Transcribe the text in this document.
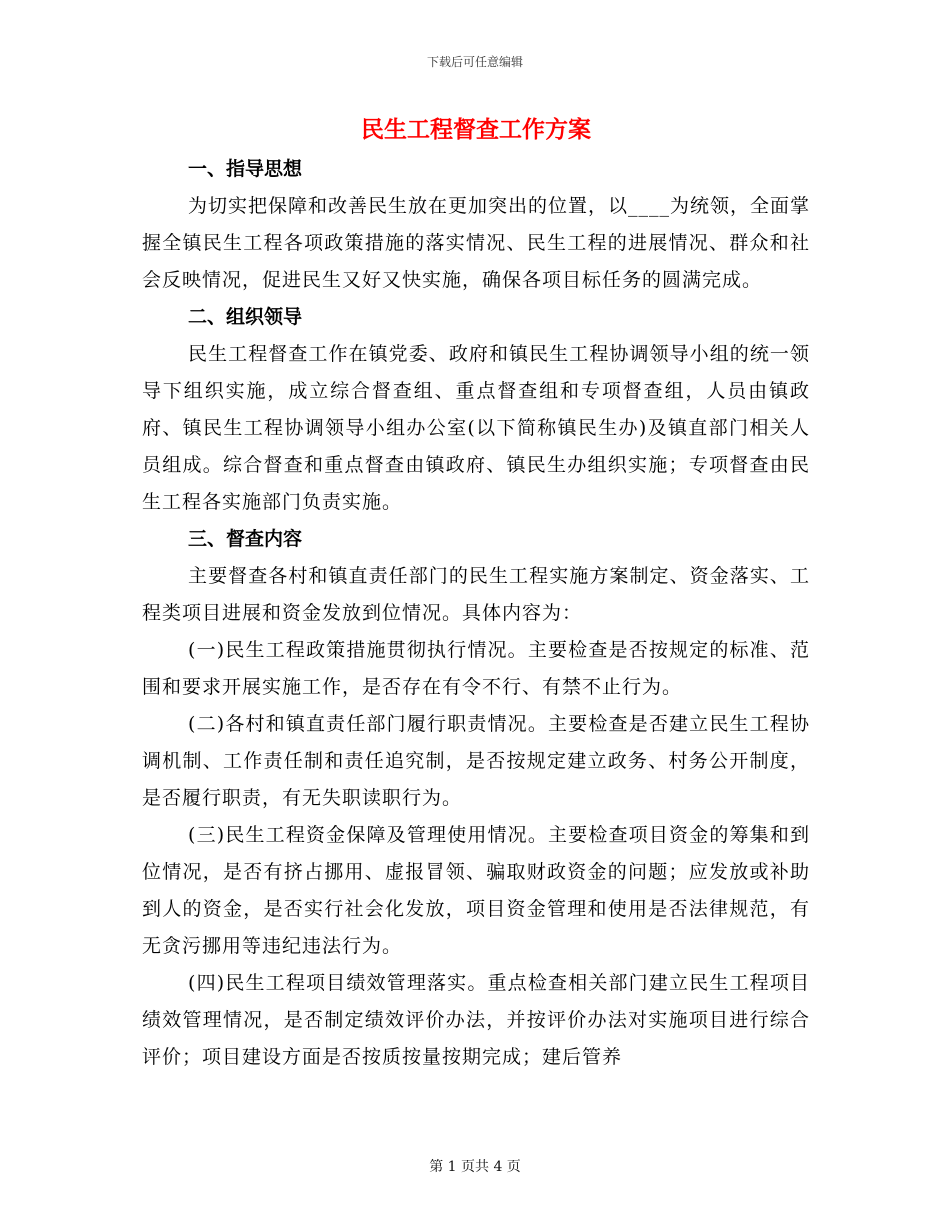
下载后可任意编辑
民生工程督查工作方案

一、指导思想

为切实把保障和改善民生放在更加突出的位置，以____为统领，全面掌握全镇民生工程各项政策措施的落实情况、民生工程的进展情况、群众和社会反映情况，促进民生又好又快实施，确保各项目标任务的圆满完成。

二、组织领导

民生工程督查工作在镇党委、政府和镇民生工程协调领导小组的统一领导下组织实施，成立综合督查组、重点督查组和专项督查组，人员由镇政府、镇民生工程协调领导小组办公室(以下简称镇民生办)及镇直部门相关人员组成。综合督查和重点督查由镇政府、镇民生办组织实施；专项督查由民生工程各实施部门负责实施。

三、督查内容

主要督查各村和镇直责任部门的民生工程实施方案制定、资金落实、工程类项目进展和资金发放到位情况。具体内容为：

(一)民生工程政策措施贯彻执行情况。主要检查是否按规定的标准、范围和要求开展实施工作，是否存在有令不行、有禁不止行为。

(二)各村和镇直责任部门履行职责情况。主要检查是否建立民生工程协调机制、工作责任制和责任追究制，是否按规定建立政务、村务公开制度，是否履行职责，有无失职读职行为。

(三)民生工程资金保障及管理使用情况。主要检查项目资金的筹集和到位情况，是否有挤占挪用、虚报冒领、骗取财政资金的问题；应发放或补助到人的资金，是否实行社会化发放，项目资金管理和使用是否法律规范，有无贪污挪用等违纪违法行为。

(四)民生工程项目绩效管理落实。重点检查相关部门建立民生工程项目绩效管理情况，是否制定绩效评价办法，并按评价办法对实施项目进行综合评价；项目建设方面是否按质按量按期完成；建后管养

第 1 页共 4 页
